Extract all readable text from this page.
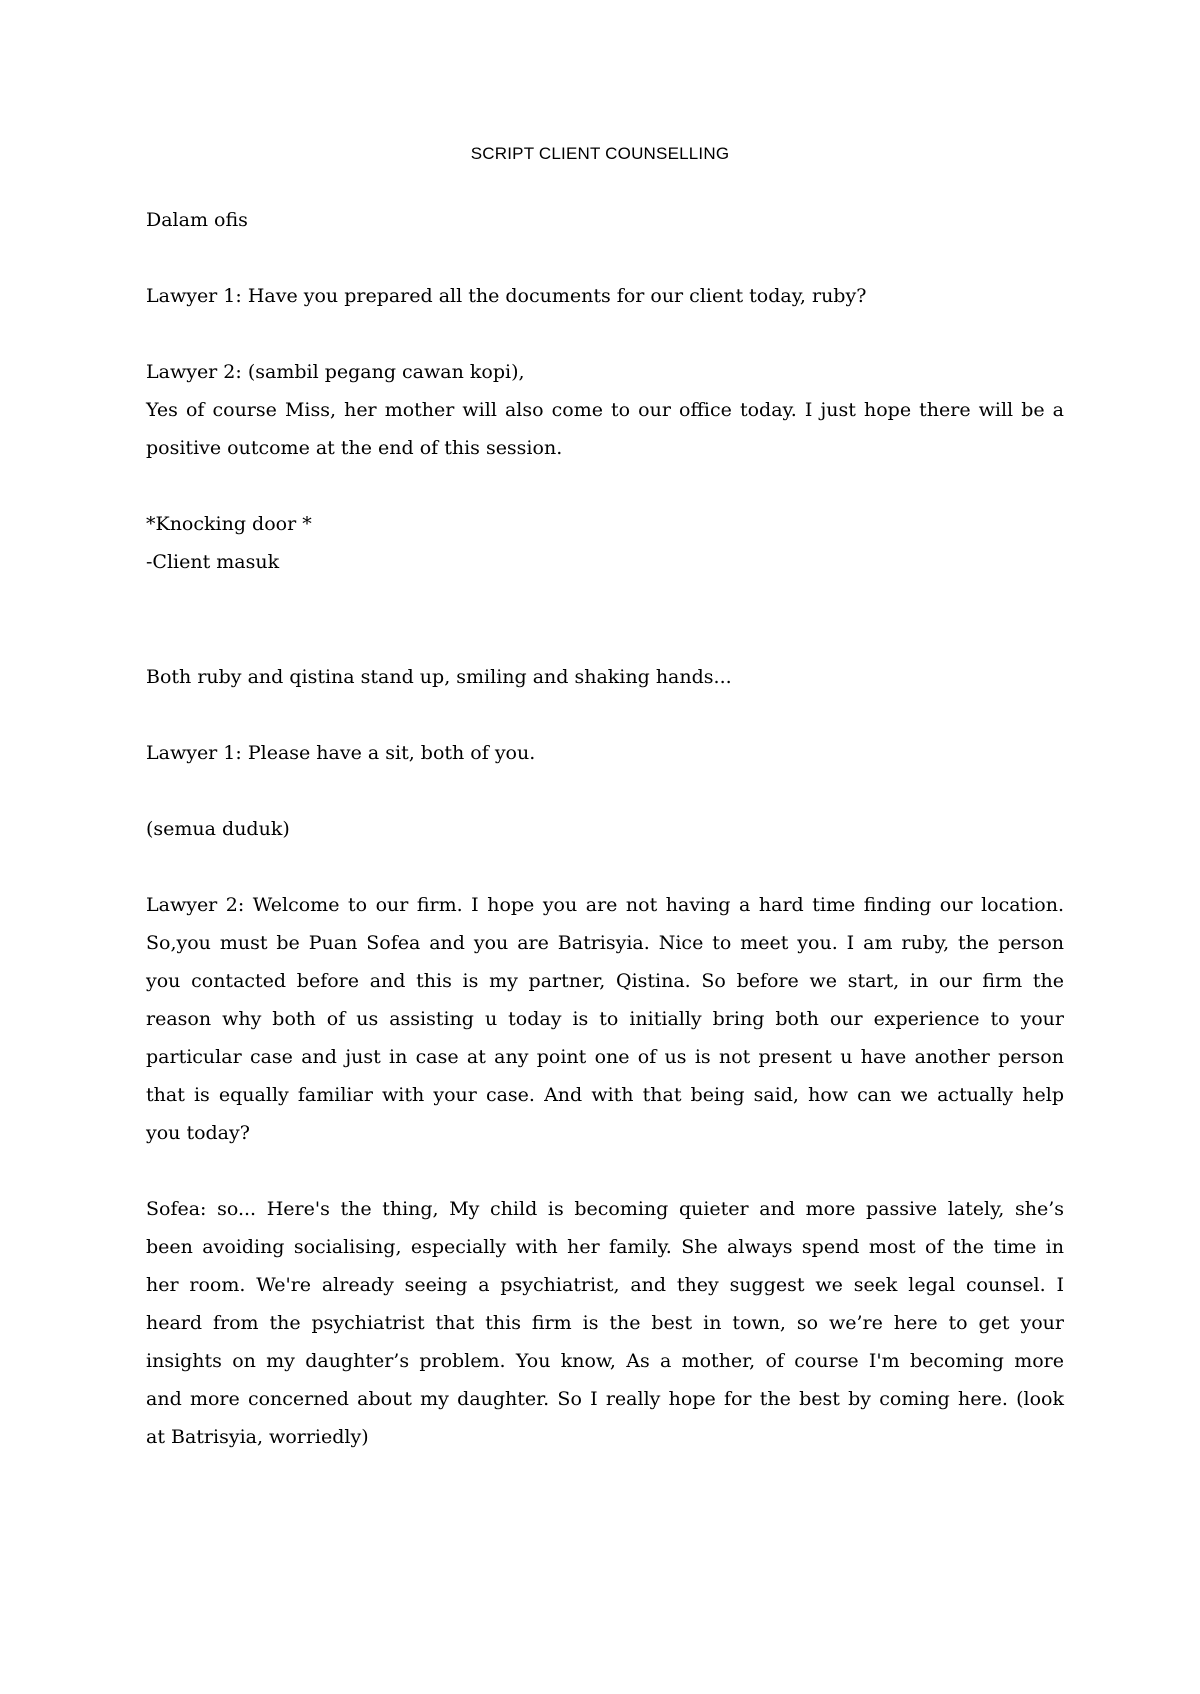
SCRIPT CLIENT COUNSELLING
Dalam ofis
Lawyer 1: Have you prepared all the documents for our client today, ruby?
Lawyer 2: (sambil pegang cawan kopi),
Yes of course Miss, her mother will also come to our office today. I just hope there will be a
positive outcome at the end of this session.
*Knocking door *
-Client masuk
Both ruby and qistina stand up, smiling and shaking hands...
Lawyer 1: Please have a sit, both of you.
(semua duduk)
Lawyer 2: Welcome to our firm. I hope you are not having a hard time finding our location.
So,you must be Puan Sofea and you are Batrisyia. Nice to meet you. I am ruby, the person
you contacted before and this is my partner, Qistina. So before we start, in our firm the
reason why both of us assisting u today is to initially bring both our experience to your
particular case and just in case at any point one of us is not present u have another person
that is equally familiar with your case. And with that being said, how can we actually help
you today?
Sofea: so... Here's the thing, My child is becoming quieter and more passive lately, she’s
been avoiding socialising, especially with her family. She always spend most of the time in
her room. We're already seeing a psychiatrist, and they suggest we seek legal counsel. I
heard from the psychiatrist that this firm is the best in town, so we’re here to get your
insights on my daughter’s problem. You know, As a mother, of course I'm becoming more
and more concerned about my daughter. So I really hope for the best by coming here. (look
at Batrisyia, worriedly)
